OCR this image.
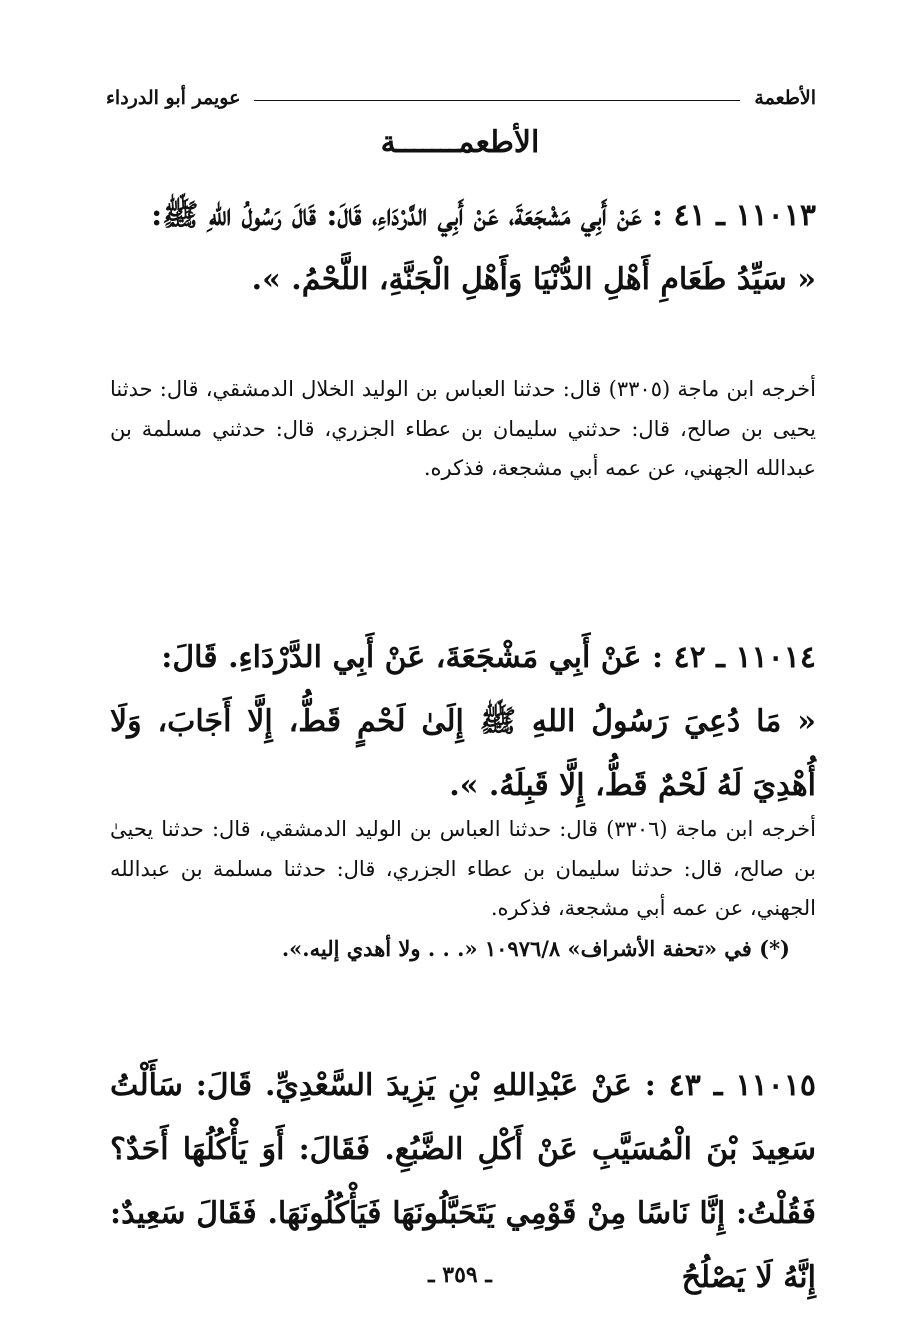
الأطعمة
عويمر أبو الدرداء
الأطعمـــــــة

١١٠١٣ ـ ٤١ : عَنْ أَبِي مَشْجَعَةَ، عَنْ أَبِي الدَّرْدَاءِ، قَالَ: قَالَ رَسُولُ اللهِ ﷺ:

« سَيِّدُ طَعَامِ أَهْلِ الدُّنْيَا وَأَهْلِ الْجَنَّةِ، اللَّحْمُ. ».

أخرجه ابن ماجة (٣٣٠٥) قال: حدثنا العباس بن الوليد الخلال الدمشقي، قال: حدثنا يحيى بن صالح، قال: حدثني سليمان بن عطاء الجزري، قال: حدثني مسلمة بن عبدالله الجهني، عن عمه أبي مشجعة، فذكره.

١١٠١٤ ـ ٤٢ : عَنْ أَبِي مَشْجَعَةَ، عَنْ أَبِي الدَّرْدَاءِ. قَالَ:

« مَا دُعِيَ رَسُولُ اللهِ ﷺ إِلَىٰ لَحْمٍ قَطُّ، إِلَّا أَجَابَ، وَلَا أُهْدِيَ لَهُ لَحْمٌ قَطُّ، إِلَّا قَبِلَهُ. ».

أخرجه ابن ماجة (٣٣٠٦) قال: حدثنا العباس بن الوليد الدمشقي، قال: حدثنا يحيىٰ بن صالح، قال: حدثنا سليمان بن عطاء الجزري، قال: حدثنا مسلمة بن عبدالله الجهني، عن عمه أبي مشجعة، فذكره.

(*) في «تحفة الأشراف» ١٠٩٧٦/٨ «. . . ولا أهدي إليه.».

١١٠١٥ ـ ٤٣ : عَنْ عَبْدِاللهِ بْنِ يَزِيدَ السَّعْدِيِّ. قَالَ: سَأَلْتُ سَعِيدَ بْنَ الْمُسَيَّبِ عَنْ أَكْلِ الضَّبُعِ. فَقَالَ: أَوَ يَأْكُلُهَا أَحَدٌ؟ فَقُلْتُ: إِنَّا نَاسًا مِنْ قَوْمِي يَتَحَبَّلُونَهَا فَيَأْكُلُونَهَا. فَقَالَ سَعِيدٌ: إِنَّهُ لَا يَصْلُحُ

ـ ٣٥٩ ـ
